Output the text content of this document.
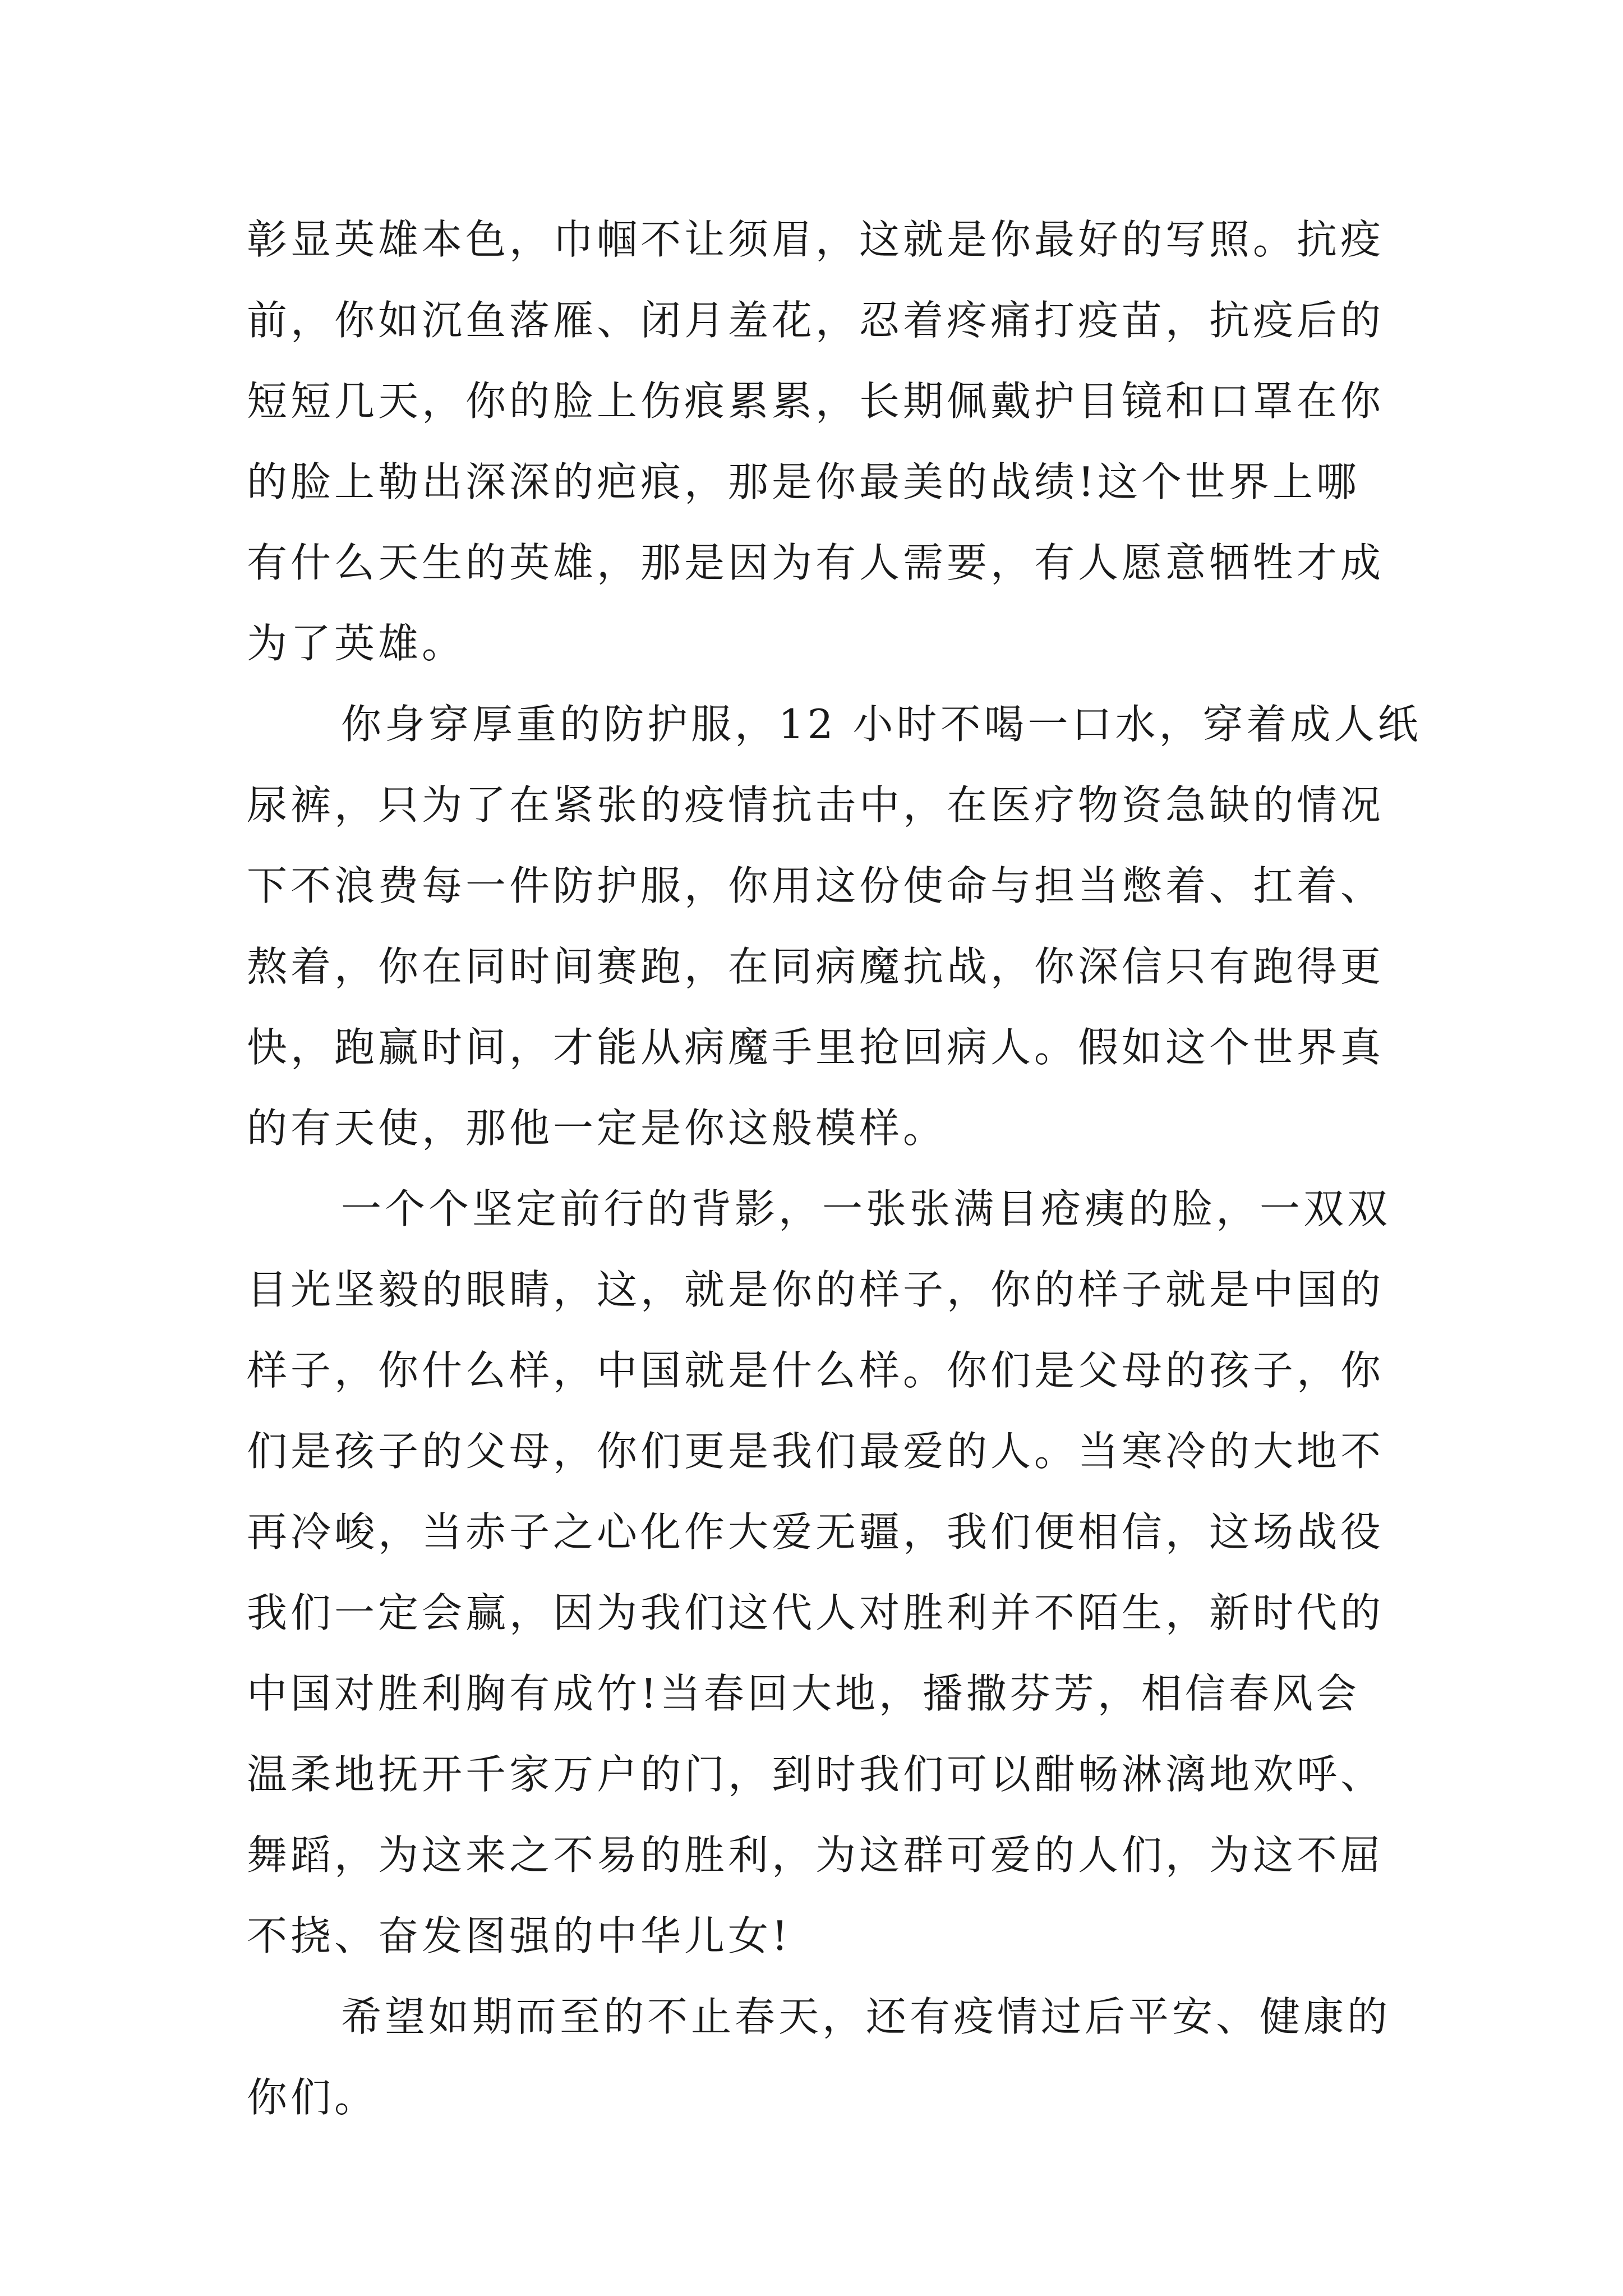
彰显英雄本色，巾帼不让须眉，这就是你最好的写照。抗疫
前，你如沉鱼落雁、闭月羞花，忍着疼痛打疫苗，抗疫后的
短短几天，你的脸上伤痕累累，长期佩戴护目镜和口罩在你
的脸上勒出深深的疤痕，那是你最美的战绩!这个世界上哪
有什么天生的英雄，那是因为有人需要，有人愿意牺牲才成
为了英雄。

你身穿厚重的防护服，12 小时不喝一口水，穿着成人纸
尿裤，只为了在紧张的疫情抗击中，在医疗物资急缺的情况
下不浪费每一件防护服，你用这份使命与担当憋着、扛着、
熬着，你在同时间赛跑，在同病魔抗战，你深信只有跑得更
快，跑赢时间，才能从病魔手里抢回病人。假如这个世界真
的有天使，那他一定是你这般模样。

一个个坚定前行的背影，一张张满目疮痍的脸，一双双
目光坚毅的眼睛，这，就是你的样子，你的样子就是中国的
样子，你什么样，中国就是什么样。你们是父母的孩子，你
们是孩子的父母，你们更是我们最爱的人。当寒冷的大地不
再冷峻，当赤子之心化作大爱无疆，我们便相信，这场战役
我们一定会赢，因为我们这代人对胜利并不陌生，新时代的
中国对胜利胸有成竹!当春回大地，播撒芬芳，相信春风会
温柔地抚开千家万户的门，到时我们可以酣畅淋漓地欢呼、
舞蹈，为这来之不易的胜利，为这群可爱的人们，为这不屈
不挠、奋发图强的中华儿女!

希望如期而至的不止春天，还有疫情过后平安、健康的
你们。
